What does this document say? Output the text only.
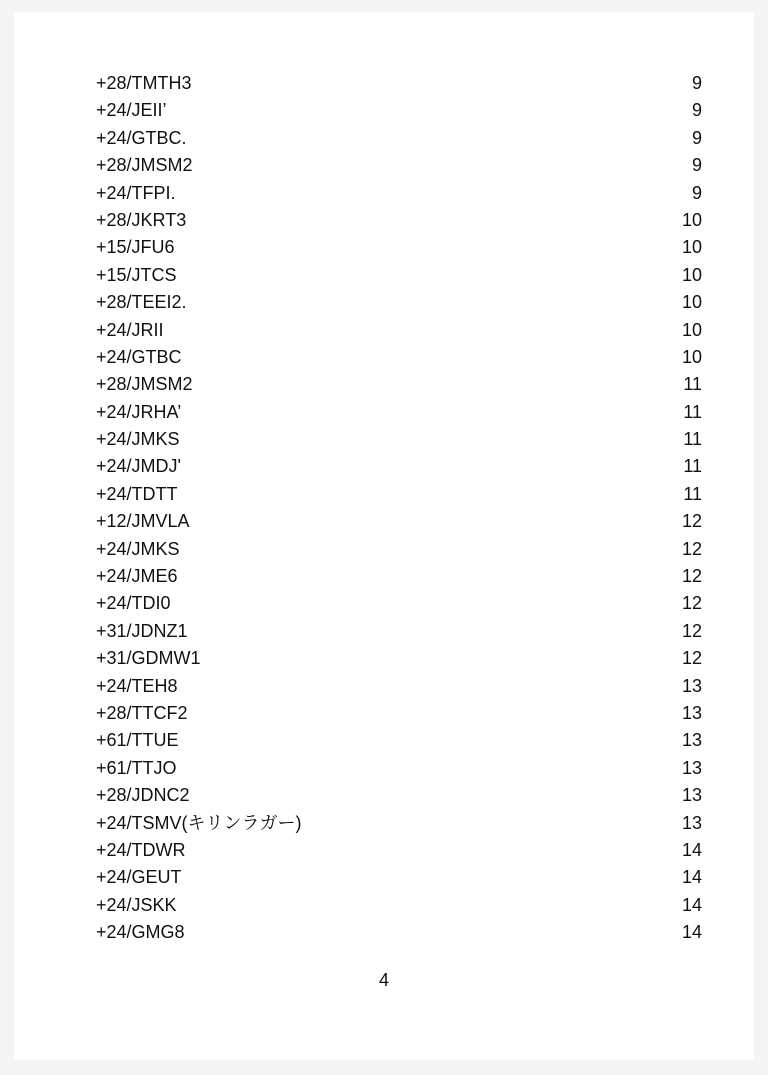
+28/TMTH3	9
+24/JEII’	9
+24/GTBC.	9
+28/JMSM2	9
+24/TFPI.	9
+28/JKRT3	10
+15/JFU6	10
+15/JTCS	10
+28/TEEI2.	10
+24/JRII	10
+24/GTBC	10
+28/JMSM2	11
+24/JRHA’	11
+24/JMKS	11
+24/JMDJ'	11
+24/TDTT	11
+12/JMVLA	12
+24/JMKS	12
+24/JME6	12
+24/TDI0	12
+31/JDNZ1	12
+31/GDMW1	12
+24/TEH8	13
+28/TTCF2	13
+61/TTUE	13
+61/TTJO	13
+28/JDNC2	13
+24/TSMV(キリンラガー)	13
+24/TDWR	14
+24/GEUT	14
+24/JSKK	14
+24/GMG8	14
4
